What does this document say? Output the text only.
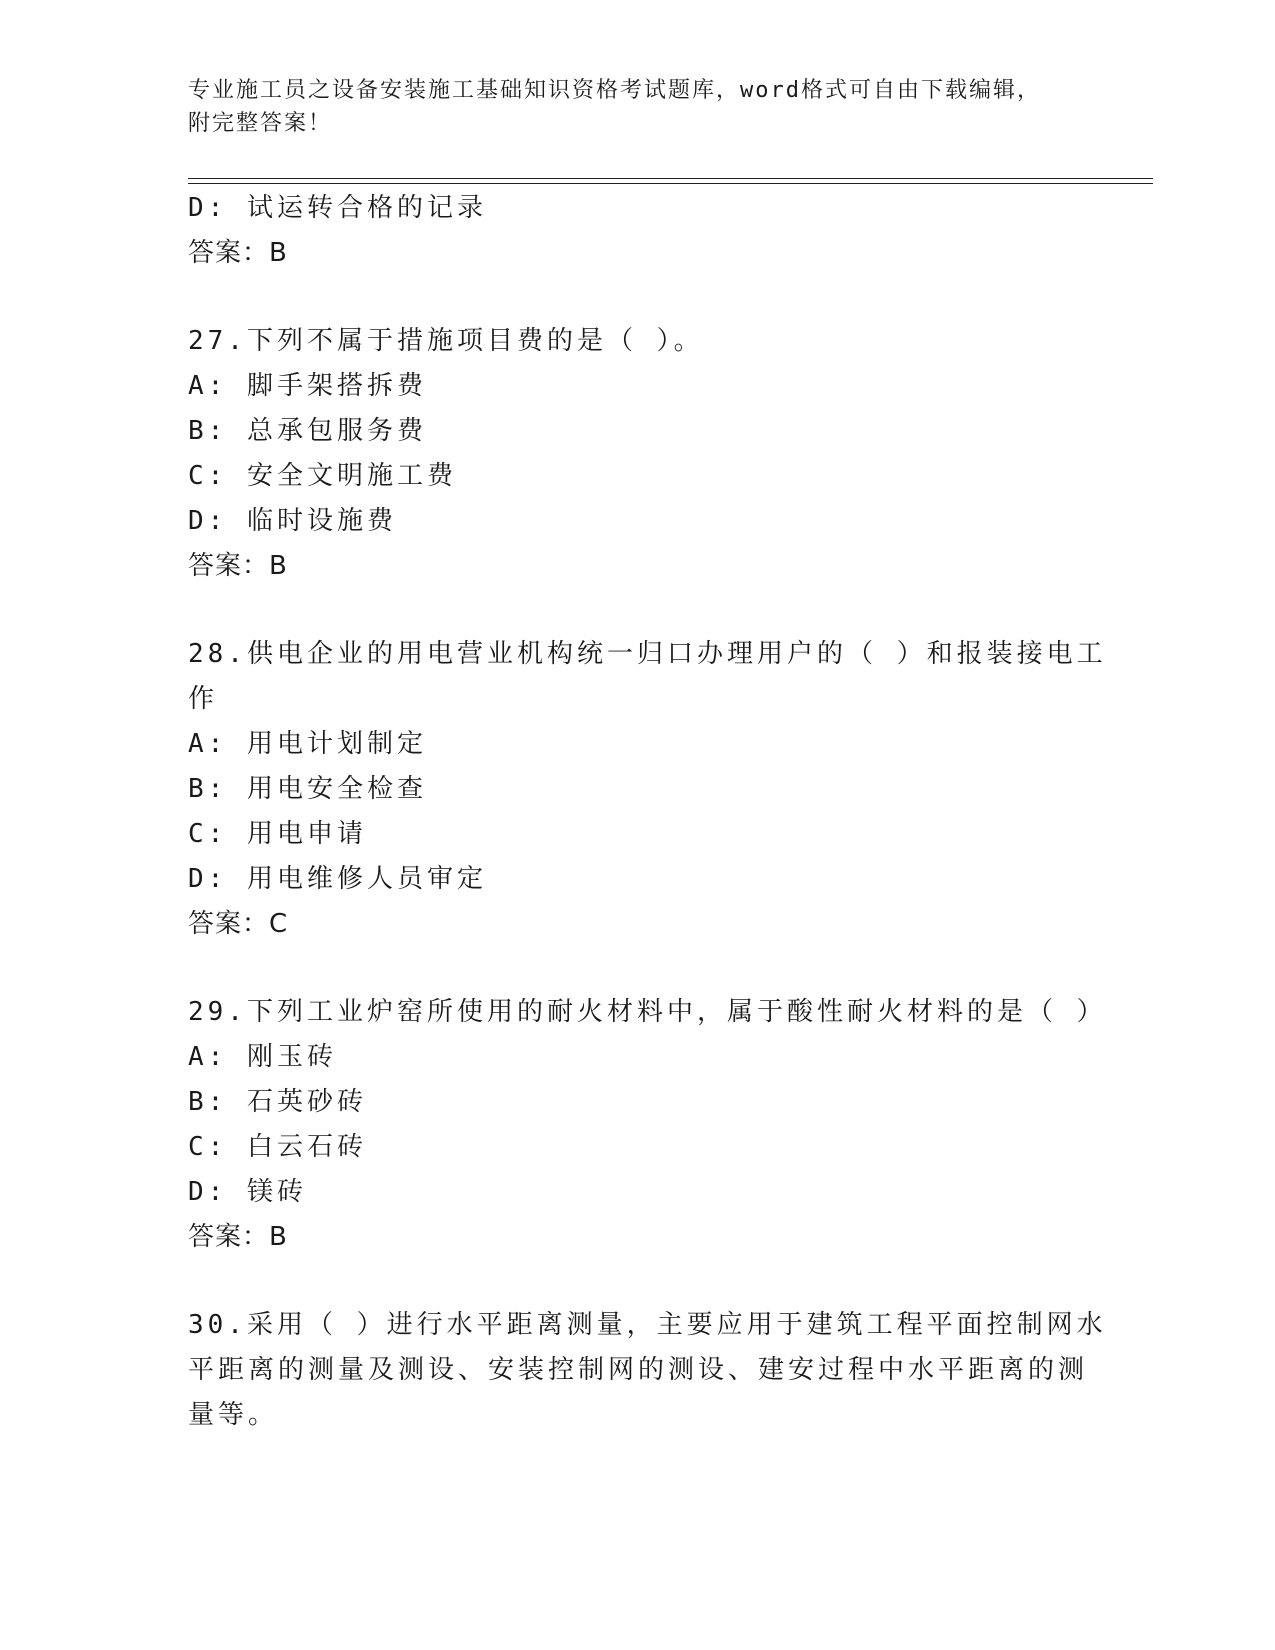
专业施工员之设备安装施工基础知识资格考试题库，word格式可自由下载编辑，
附完整答案！
D: 试运转合格的记录
答案：B
27.下列不属于措施项目费的是（ ）。
A: 脚手架搭拆费
B: 总承包服务费
C: 安全文明施工费
D: 临时设施费
答案：B
28.供电企业的用电营业机构统一归口办理用户的（ ）和报装接电工
作
A: 用电计划制定
B: 用电安全检查
C: 用电申请
D: 用电维修人员审定
答案：C
29.下列工业炉窑所使用的耐火材料中，属于酸性耐火材料的是（ ）
A: 刚玉砖
B: 石英砂砖
C: 白云石砖
D: 镁砖
答案：B
30.采用（ ）进行水平距离测量，主要应用于建筑工程平面控制网水
平距离的测量及测设、安装控制网的测设、建安过程中水平距离的测
量等。
